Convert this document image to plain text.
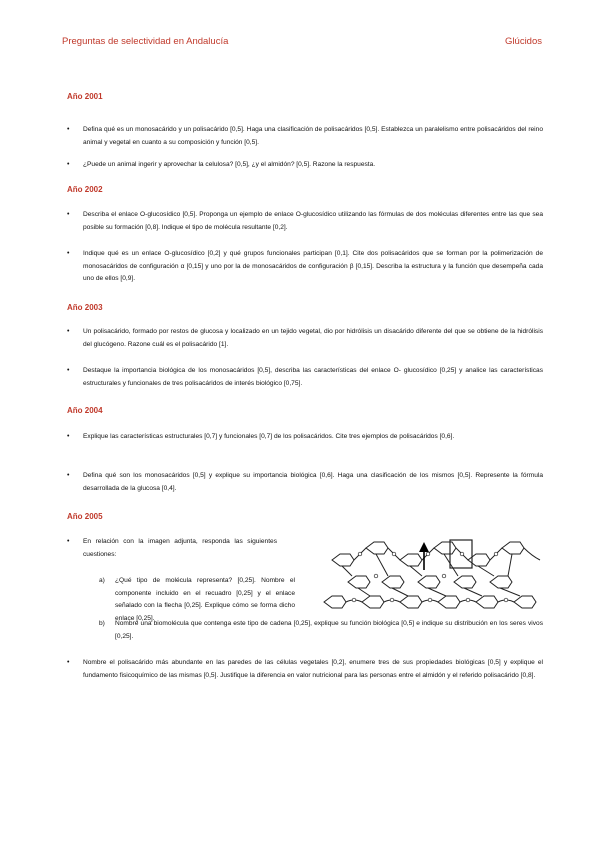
Preguntas de selectividad en Andalucía	Glúcidos
Año 2001
• Defina qué es un monosacárido y un polisacárido [0,5]. Haga una clasificación de polisacáridos [0,5]. Establezca un paralelismo entre polisacáridos del reino animal y vegetal en cuanto a su composición y función [0,5].
• ¿Puede un animal ingerir y aprovechar la celulosa? [0,5], ¿y el almidón? [0,5]. Razone la respuesta.
Año 2002
• Describa el enlace O-glucosídico [0,5]. Proponga un ejemplo de enlace O-glucosídico utilizando las fórmulas de dos moléculas diferentes entre las que sea posible su formación [0,8]. Indique el tipo de molécula resultante [0,2].
• Indique qué es un enlace O-glucosídico [0,2] y qué grupos funcionales participan [0,1]. Cite dos polisacáridos que se forman por la polimerización de monosacáridos de configuración α [0,15] y uno por la de monosacáridos de configuración β [0,15]. Describa la estructura y la función que desempeña cada uno de ellos [0,9].
Año 2003
• Un polisacárido, formado por restos de glucosa y localizado en un tejido vegetal, dio por hidrólisis un disacárido diferente del que se obtiene de la hidrólisis del glucógeno. Razone cuál es el polisacárido [1].
• Destaque la importancia biológica de los monosacáridos [0,5], describa las características del enlace O- glucosídico [0,25] y analice las características estructurales y funcionales de tres polisacáridos de interés biológico [0,75].
Año 2004
• Explique las características estructurales [0,7] y funcionales [0,7] de los polisacáridos. Cite tres ejemplos de polisacáridos [0,6].
• Defina qué son los monosacáridos [0,5] y explique su importancia biológica [0,6]. Haga una clasificación de los mismos [0,5]. Represente la fórmula desarrollada de la glucosa [0,4].
Año 2005
• En relación con la imagen adjunta, responda las siguientes cuestiones:
a) ¿Qué tipo de molécula representa? [0,25]. Nombre el componente incluido en el recuadro [0,25] y el enlace señalado con la flecha [0,25]. Explique cómo se forma dicho enlace [0,25].
b) Nombre una biomolécula que contenga este tipo de cadena [0,25], explique su función biológica [0,5] e indique su distribución en los seres vivos [0,25].
• Nombre el polisacárido más abundante en las paredes de las células vegetales [0,2], enumere tres de sus propiedades biológicas [0,5] y explique el fundamento fisicoquímico de las mismas [0,5]. Justifique la diferencia en valor nutricional para las personas entre el almidón y el referido polisacárido [0,8].
